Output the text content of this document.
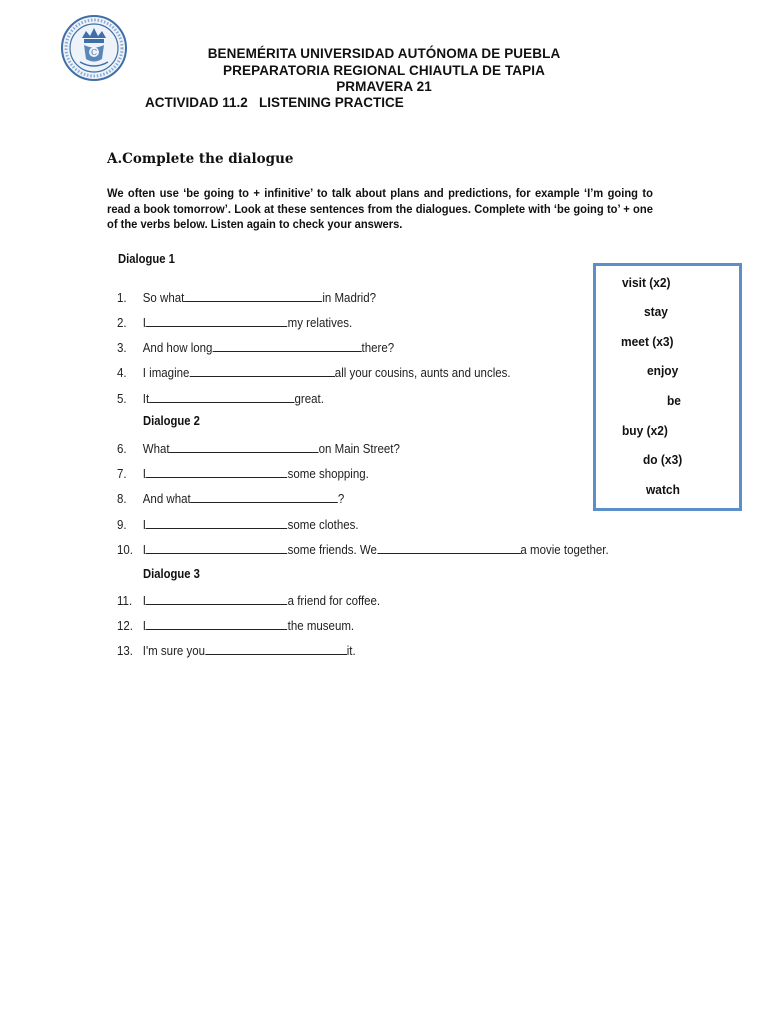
C	BENEMÉRITA UNIVERSIDAD AUTÓNOMA DE PUEBLA
PREPARATORIA REGIONAL CHIAUTLA DE TAPIA
PRMAVERA 21
ACTIVIDAD 11.2   LISTENING PRACTICE
A.Complete the dialogue
We often use ‘be going to + infinitive’ to talk about plans and predictions, for example ‘I’m going to read a book tomorrow’. Look at these sentences from the dialogues. Complete with ‘be going to’ + one of the verbs below. Listen again to check your answers.
Dialogue 1
Dialogue 2
Dialogue 3
1. So what	in Madrid?
2. I	my relatives.
3. And how long	there?
4. I imagine	all your cousins, aunts and uncles.
5. It	great.
6. What	on Main Street?
7. I	some shopping.
8. And what	?
9. I	some clothes.
10. I	some friends. We	a movie together.
11. I	a friend for coffee.
12. I	the museum.
13. I'm sure you	it.
visit (x2)
stay
meet (x3)
enjoy
be
buy (x2)
do (x3)
watch
